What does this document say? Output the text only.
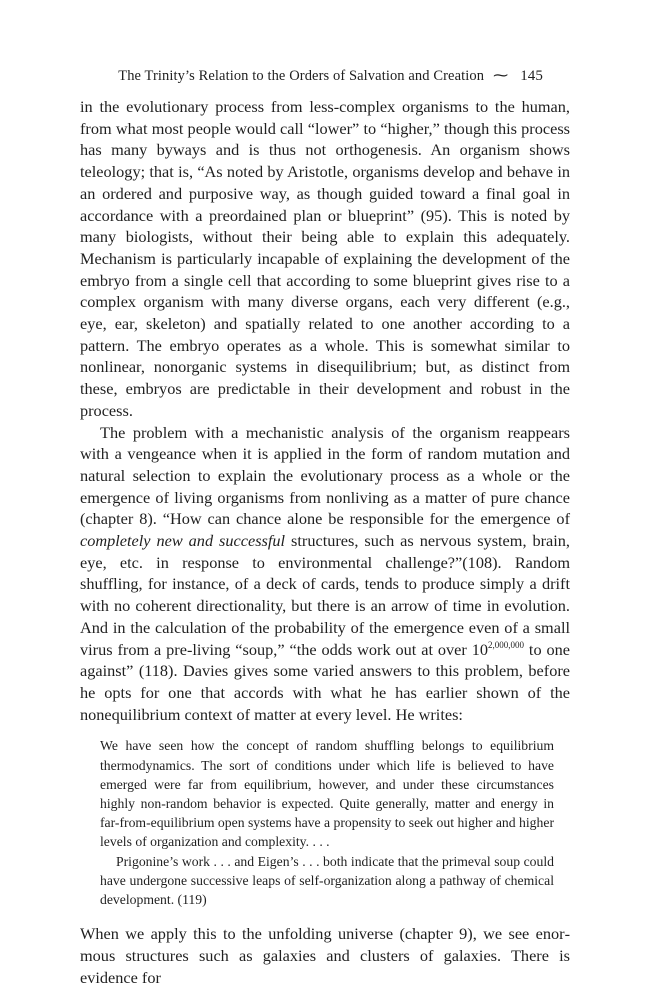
The Trinity’s Relation to the Orders of Salvation and Creation ⁓ 145

in the evolutionary process from less-complex organisms to the human, from what most people would call “lower” to “higher,” though this process has many byways and is thus not orthogenesis. An organism shows teleology; that is, “As noted by Aristotle, organisms develop and behave in an ordered and purposive way, as though guided toward a final goal in accordance with a preordained plan or blueprint” (95). This is noted by many biologists, without their being able to explain this adequately. Mechanism is particularly incapable of explaining the development of the embryo from a single cell that according to some blueprint gives rise to a complex organism with many diverse organs, each very different (e.g., eye, ear, skeleton) and spatially related to one another according to a pattern. The embryo operates as a whole. This is somewhat similar to nonlinear, nonorganic systems in disequilibrium; but, as distinct from these, embryos are predictable in their development and robust in the process.

The problem with a mechanistic analysis of the organism reappears with a vengeance when it is applied in the form of random mutation and natural selection to explain the evolutionary process as a whole or the emergence of living organisms from nonliving as a matter of pure chance (chapter 8). “How can chance alone be responsible for the emergence of completely new and successful structures, such as nervous system, brain, eye, etc. in response to environmental challenge?”(108). Random shuffling, for instance, of a deck of cards, tends to produce simply a drift with no coherent directionality, but there is an arrow of time in evolution. And in the calculation of the probability of the emergence even of a small virus from a pre-living “soup,” “the odds work out at over 10$^{2,000,000}$ to one against” (118). Davies gives some varied answers to this problem, before he opts for one that accords with what he has earlier shown of the nonequilibrium context of matter at every level. He writes:

We have seen how the concept of random shuffling belongs to equilibrium thermodynamics. The sort of conditions under which life is believed to have emerged were far from equilibrium, however, and under these circumstances highly non-random behavior is expected. Quite generally, matter and energy in far-from-equilibrium open systems have a propensity to seek out higher and higher levels of organization and complexity. . . .

Prigonine’s work . . . and Eigen’s . . . both indicate that the primeval soup could have undergone successive leaps of self-organization along a pathway of chemical development. (119)

When we apply this to the unfolding universe (chapter 9), we see enormous structures such as galaxies and clusters of galaxies. There is evidence for
